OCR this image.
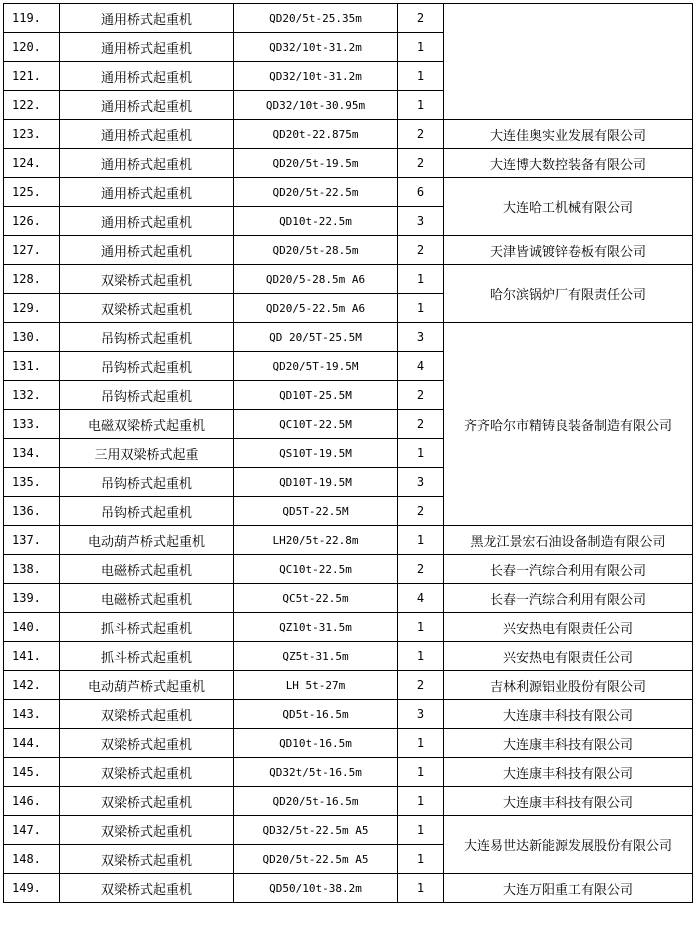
119.	通用桥式起重机	QD20/5t-25.35m	2	
120.	通用桥式起重机	QD32/10t-31.2m	1	
121.	通用桥式起重机	QD32/10t-31.2m	1	
122.	通用桥式起重机	QD32/10t-30.95m	1	
123.	通用桥式起重机	QD20t-22.875m	2	大连佳奥实业发展有限公司
124.	通用桥式起重机	QD20/5t-19.5m	2	大连博大数控装备有限公司
125.	通用桥式起重机	QD20/5t-22.5m	6	大连哈工机械有限公司
126.	通用桥式起重机	QD10t-22.5m	3	
127.	通用桥式起重机	QD20/5t-28.5m	2	天津皆诚镀锌卷板有限公司
128.	双梁桥式起重机	QD20/5-28.5m A6	1	哈尔滨锅炉厂有限责任公司
129.	双梁桥式起重机	QD20/5-22.5m A6	1	
130.	吊钩桥式起重机	QD 20/5T-25.5M	3	齐齐哈尔市精铸良装备制造有限公司
131.	吊钩桥式起重机	QD20/5T-19.5M	4	
132.	吊钩桥式起重机	QD10T-25.5M	2	
133.	电磁双梁桥式起重机	QC10T-22.5M	2	
134.	三用双梁桥式起重	QS10T-19.5M	1	
135.	吊钩桥式起重机	QD10T-19.5M	3	
136.	吊钩桥式起重机	QD5T-22.5M	2	
137.	电动葫芦桥式起重机	LH20/5t-22.8m	1	黑龙江景宏石油设备制造有限公司
138.	电磁桥式起重机	QC10t-22.5m	2	长春一汽综合利用有限公司
139.	电磁桥式起重机	QC5t-22.5m	4	长春一汽综合利用有限公司
140.	抓斗桥式起重机	QZ10t-31.5m	1	兴安热电有限责任公司
141.	抓斗桥式起重机	QZ5t-31.5m	1	兴安热电有限责任公司
142.	电动葫芦桥式起重机	LH 5t-27m	2	吉林利源铝业股份有限公司
143.	双梁桥式起重机	QD5t-16.5m	3	大连康丰科技有限公司
144.	双梁桥式起重机	QD10t-16.5m	1	大连康丰科技有限公司
145.	双梁桥式起重机	QD32t/5t-16.5m	1	大连康丰科技有限公司
146.	双梁桥式起重机	QD20/5t-16.5m	1	大连康丰科技有限公司
147.	双梁桥式起重机	QD32/5t-22.5m A5	1	大连易世达新能源发展股份有限公司
148.	双梁桥式起重机	QD20/5t-22.5m A5	1	
149.	双梁桥式起重机	QD50/10t-38.2m	1	大连万阳重工有限公司
